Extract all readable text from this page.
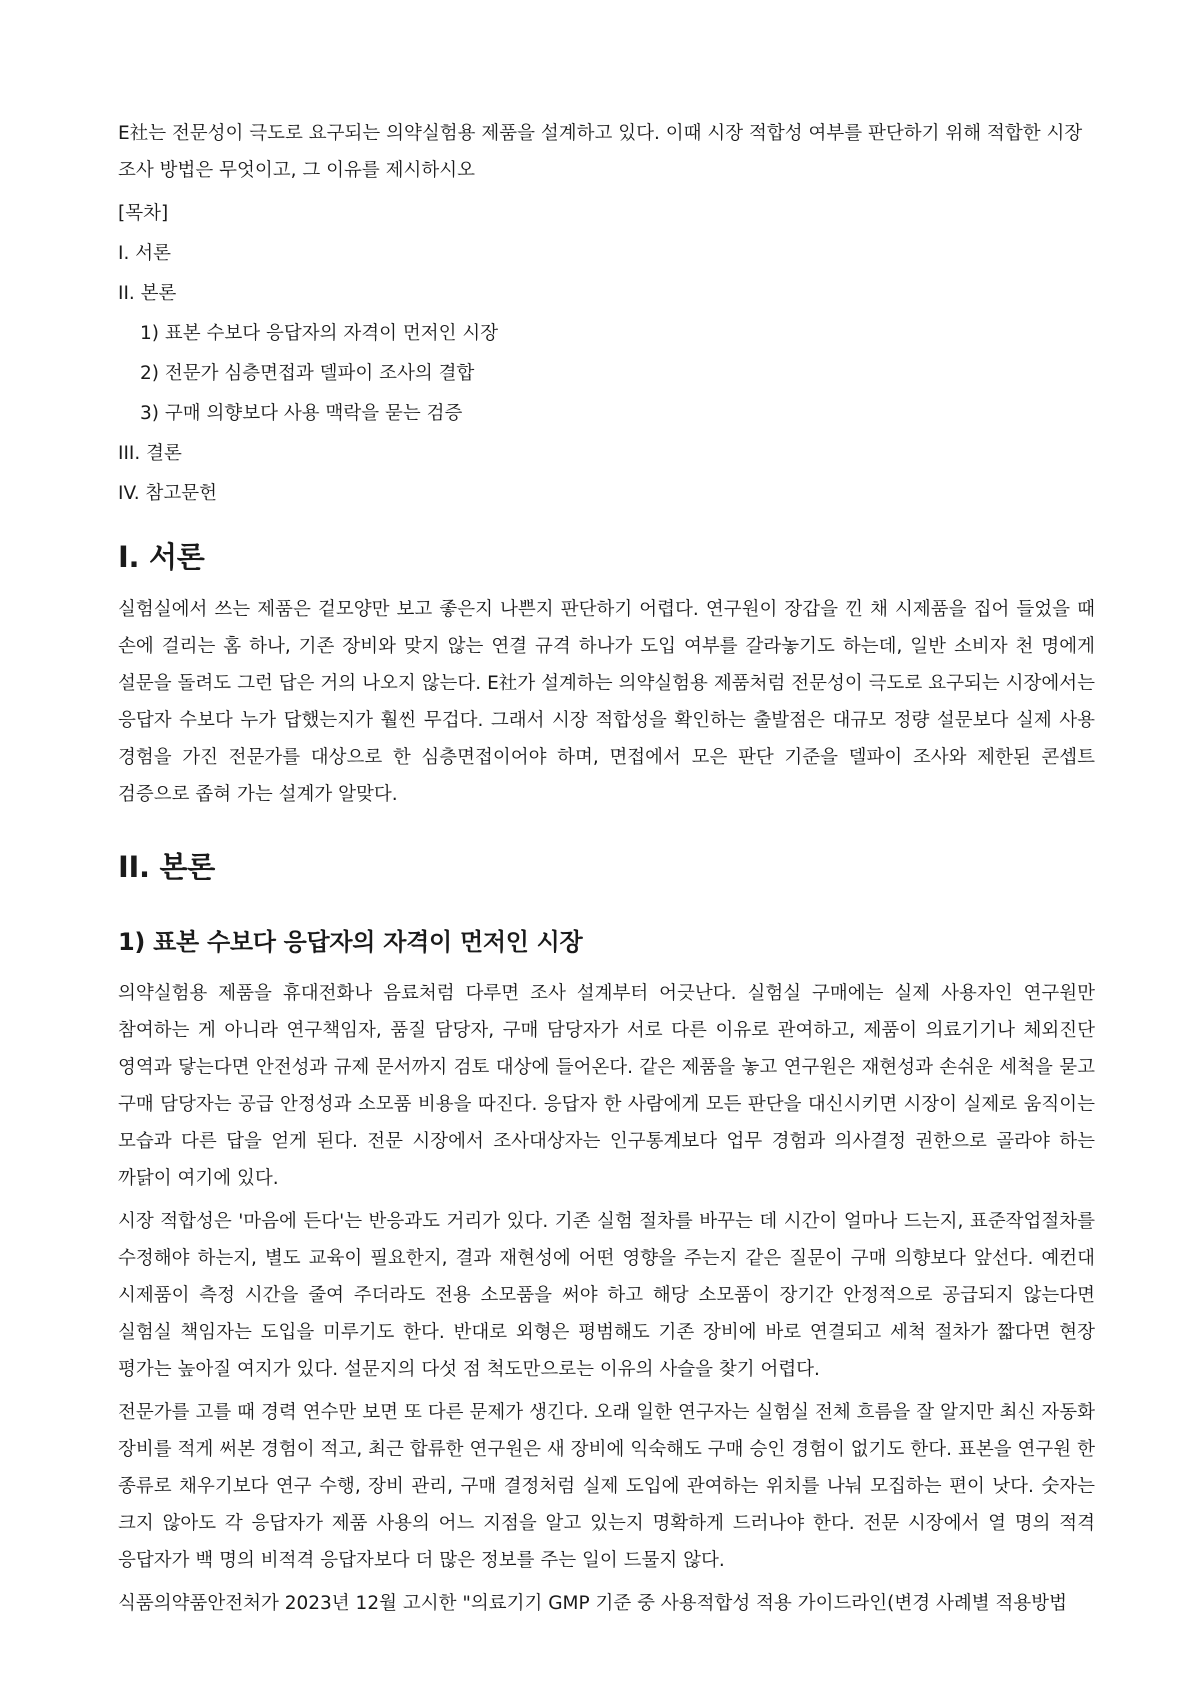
E社는 전문성이 극도로 요구되는 의약실험용 제품을 설계하고 있다. 이때 시장 적합성 여부를 판단하기 위해 적합한 시장 조사 방법은 무엇이고, 그 이유를 제시하시오

[목차]

I. 서론

II. 본론

1) 표본 수보다 응답자의 자격이 먼저인 시장

2) 전문가 심층면접과 델파이 조사의 결합

3) 구매 의향보다 사용 맥락을 묻는 검증

III. 결론

IV. 참고문헌

I. 서론

실험실에서 쓰는 제품은 겉모양만 보고 좋은지 나쁜지 판단하기 어렵다. 연구원이 장갑을 낀 채 시제품을 집어 들었을 때 손에 걸리는 홈 하나, 기존 장비와 맞지 않는 연결 규격 하나가 도입 여부를 갈라놓기도 하는데, 일반 소비자 천 명에게 설문을 돌려도 그런 답은 거의 나오지 않는다. E社가 설계하는 의약실험용 제품처럼 전문성이 극도로 요구되는 시장에서는 응답자 수보다 누가 답했는지가 훨씬 무겁다. 그래서 시장 적합성을 확인하는 출발점은 대규모 정량 설문보다 실제 사용 경험을 가진 전문가를 대상으로 한 심층면접이어야 하며, 면접에서 모은 판단 기준을 델파이 조사와 제한된 콘셉트 검증으로 좁혀 가는 설계가 알맞다.

II. 본론
1) 표본 수보다 응답자의 자격이 먼저인 시장

의약실험용 제품을 휴대전화나 음료처럼 다루면 조사 설계부터 어긋난다. 실험실 구매에는 실제 사용자인 연구원만 참여하는 게 아니라 연구책임자, 품질 담당자, 구매 담당자가 서로 다른 이유로 관여하고, 제품이 의료기기나 체외진단 영역과 닿는다면 안전성과 규제 문서까지 검토 대상에 들어온다. 같은 제품을 놓고 연구원은 재현성과 손쉬운 세척을 묻고 구매 담당자는 공급 안정성과 소모품 비용을 따진다. 응답자 한 사람에게 모든 판단을 대신시키면 시장이 실제로 움직이는 모습과 다른 답을 얻게 된다. 전문 시장에서 조사대상자는 인구통계보다 업무 경험과 의사결정 권한으로 골라야 하는 까닭이 여기에 있다.

시장 적합성은 '마음에 든다'는 반응과도 거리가 있다. 기존 실험 절차를 바꾸는 데 시간이 얼마나 드는지, 표준작업절차를 수정해야 하는지, 별도 교육이 필요한지, 결과 재현성에 어떤 영향을 주는지 같은 질문이 구매 의향보다 앞선다. 예컨대 시제품이 측정 시간을 줄여 주더라도 전용 소모품을 써야 하고 해당 소모품이 장기간 안정적으로 공급되지 않는다면 실험실 책임자는 도입을 미루기도 한다. 반대로 외형은 평범해도 기존 장비에 바로 연결되고 세척 절차가 짧다면 현장 평가는 높아질 여지가 있다. 설문지의 다섯 점 척도만으로는 이유의 사슬을 찾기 어렵다.

전문가를 고를 때 경력 연수만 보면 또 다른 문제가 생긴다. 오래 일한 연구자는 실험실 전체 흐름을 잘 알지만 최신 자동화 장비를 적게 써본 경험이 적고, 최근 합류한 연구원은 새 장비에 익숙해도 구매 승인 경험이 없기도 한다. 표본을 연구원 한 종류로 채우기보다 연구 수행, 장비 관리, 구매 결정처럼 실제 도입에 관여하는 위치를 나눠 모집하는 편이 낫다. 숫자는 크지 않아도 각 응답자가 제품 사용의 어느 지점을 알고 있는지 명확하게 드러나야 한다. 전문 시장에서 열 명의 적격 응답자가 백 명의 비적격 응답자보다 더 많은 정보를 주는 일이 드물지 않다.

식품의약품안전처가 2023년 12월 고시한 "의료기기 GMP 기준 중 사용적합성 적용 가이드라인(변경 사례별 적용방법
